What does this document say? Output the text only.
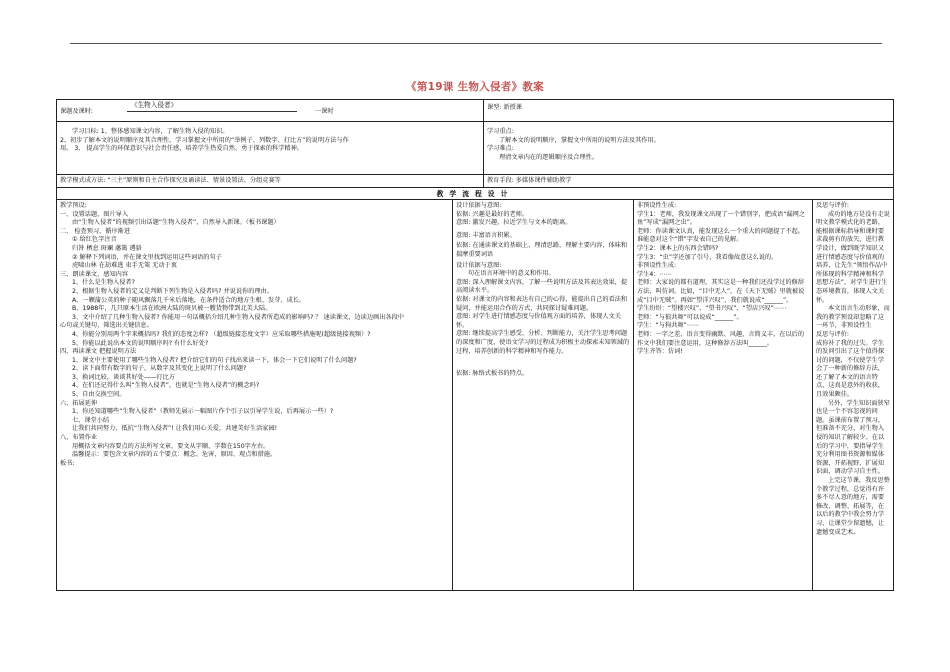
《第19课 生物入侵者》教案

课题及课时:

《生物入侵者》

一课时

课型: 新授课

学习目标: 1、整体感知课文内容，了解生物入侵的知识。

2、初步了解本文的说明顺序及其合理性，学习掌握文中所用的“举例子、列数字、打比方”的说明方法与作

用。 3、 提高学生的环保意识与社会责任感，培养学生热爱自然、勇于探索的科学精神。

学习重点:

了解本文的说明顺序，掌握文中所用的说明方法及其作用。

学习难点:

理清文章内在的逻辑顺序及合理性。

教学模式成方法: “三主”原则和自主合作探究及诵读法、情景设置法、分组竞赛等	教育手段: 多媒体课件辅助教学

教学流程设计

教学预设:

一、设置话题，图片导入

由“生物入侵者”的视频引出话题“生物入侵者”，自然导入新课。（板书课题）

二、 检查预习，循序渐进

① 给红色字注音

归咎 栖息 斑斓 藩篱 遴貉

② 解释下列词语，并在课文里找到运用这些词语的句子

虎啸山林 在劫难逃 束手无策 无动于衷

三、朗读课文，感知内容

1、什么是生物入侵者?

2、根据生物入侵者的定义是判断下列生物是入侵者吗? 并说说你的理由。

A、一颗蒲公英的种子随风飘落几千米后落地，在条件适合的地方生根、发芽、成长。

B、1988年，几只原本生活在欧洲大陆的斑贝被一艘货物带到北美大陆。

3、文中介绍了几种生物入侵者? 你能用一句话概括介绍几种生物入侵者所造成的影响吗? ？ 速读课文，边读边画出各段中

心句或关键句，筛选出关键信息。

4、你能分别用两个字来概括吗? 我们的态度怎样? （超级链接态度文字）应采取哪些措施呢(超级链接视频）?

5、你能以此说出本文的说明顺序吗? 有什么好处?

四、再读课文 把握说明方法

1、课文中主要使用了哪些生物入侵者? 把介绍它们的句子找出来读一下，体会一下它们说明了什么问题?

2、读下面带有数字的句子，从数字及其变化上说明了什么问题?

3、换词比较，谈谈其好处——打比方

4、在们还记得什么叫“生物入侵者”，也就是“生物入侵者”的概念吗?

5、自由交换空间。

六、拓展延伸

1、你还知道哪些“生物入侵者”（教师先展示一幅图片作个引子以引导学生说，后再展示一些）?

七、课堂小结

让我们共同努力，抵抗“生物入侵者”! 让我们用心关爱，共建美好生活家园!

八、布置作业

用概括文章内容要点的方法所写文章，要文从字顺，字数在150字左右。

温馨提示：要包含文章内容的五个要点：概念、危害、原因、观点和措施。

板书:

设计依据与意图:

依据: 兴趣是最好的老师。

意图: 激发兴趣，拉近学生与文本的距离。

意图: 丰富语言积累。

依据: 在通读课文的基础上，理清思路，理解主要内容，体味和揣摩重要词语

设计依据与意图:

句在语言环境中的意义和作用。

意图: 深入理解课文内容，了解一些说明方法及其表达效果，提高阅读水平。

依据: 对课文的内容和表达有自己的心得，能提出自己的看法和疑问，并能运用合作的方式，共同探讨疑难问题。

意图: 对学生进行情感态度与价值观方面的培养，体现人文关怀。

意图: 继续提高学生感受、分析、判断能力，关注学生思考问题的深度和广度，使语文学习的过程成为积极主动探索未知领域的过程，培养创新的科学精神和写作能力。

依据: 脉络式板书的特点。

非预设性生成:

学生1：老师，我发现课文出现了一个错别字，把成语“漏网之鱼”写成“漏网之虫”。

老师：你读课文认真，能发现这么一个重大的问题提了不起。谁能意对这个“错”字发表自己的见解。

学生2：课本上的东西会错吗?

学生3：“虫”字还加了引号，我看像故意这么说的。

非预设性生成:

学生4：⋯⋯

老师：大家说的都有道理，其实这是一种我们还没学过的修辞方法，叫仿词。比如，“目中无人”，在《天下无贼》里就被说成“目中无贼”。再如“望洋兴叹”，我们就说成“______”。

学生纷纷：“望楼兴叹”、“望书兴叹”、“望店兴叹”⋯⋯

老师：“与狼共舞”可以说成“______”。

学生：“与狗共舞”⋯⋯

老师：一字之差，语言变得幽默、风趣，言简义丰，在以后的作文中我们要注意运用，这种修辞方法叫______。

学生齐答：仿词!

反思与评价:

成功的地方是没有走说明文教学模式化的老路，能根据课标指导和课时要求裁剪有的放矢，进行教学设计，做到既学知识又进行情感态度与价值观的培养，让先生“领悟作品中所体现的科学精神和科学思想方法”，对学生进行生态环境教育，体现人文关怀。

本文语言生动形象，而我的教学预设却忽略了这一环节，非预设性生

反思与评价:

成你补了我的过失。学生的发问引出了这个值得探讨的问题，不仅使学生学会了一种新的修辞方法，还了解了本文的语言特点，这真是意外的收获，且效果颇佳。

另外，学生知识面狭窄也是一个不容忽视的问题。虽课前布置了预习，但准备不充分，对生物入侵的知识了解较少。在以后的学习中，要指导学生充分利用图书资源和媒体资源，开拓视野，扩展知识面，调动学习自主性。

上完这节课，我反思整个教学过程，总觉得有许多不尽人意的地方，需要修改、调整、拓展等，在以后的教学中我会努力学习，让课堂少留遗憾，让遗憾变成艺术。
